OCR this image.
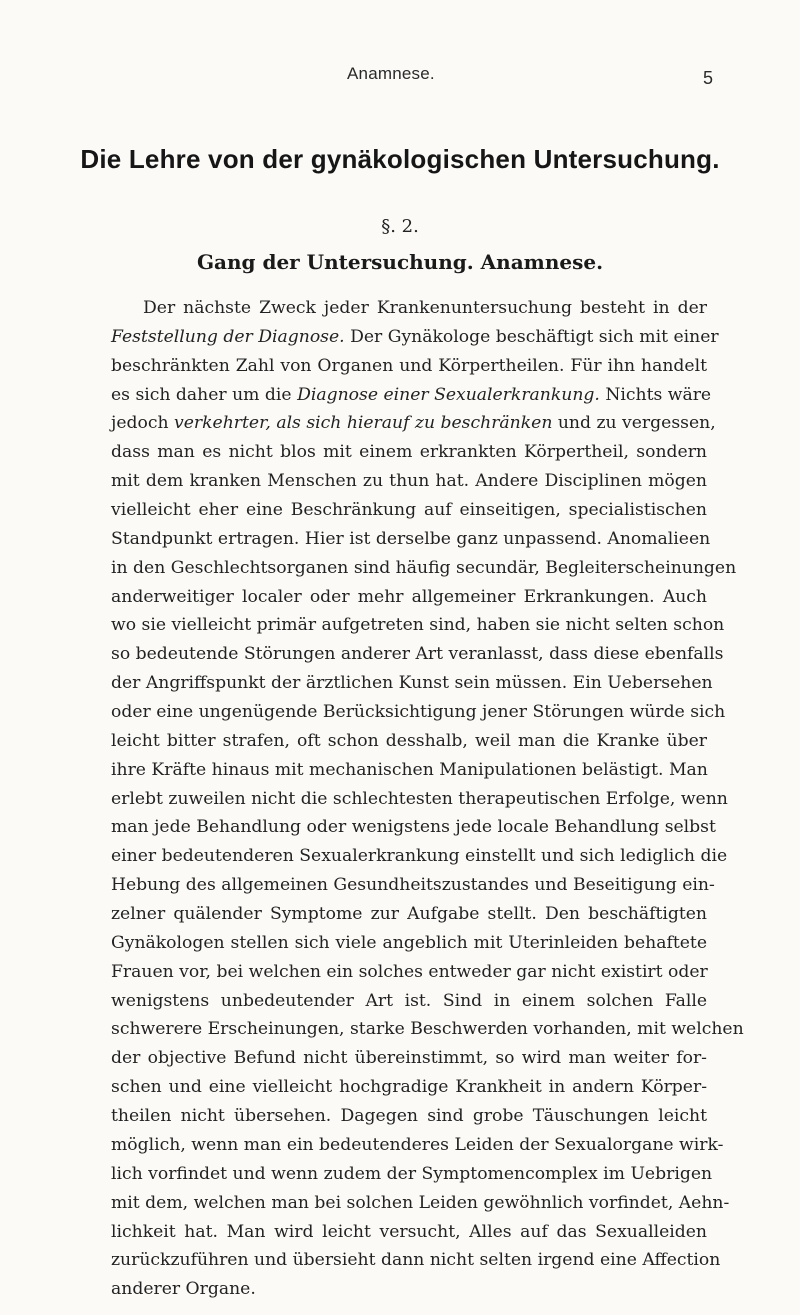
Anamnese.	5
Die Lehre von der gynäkologischen Untersuchung.
§. 2.
Gang der Untersuchung. Anamnese.
Der nächste Zweck jeder Krankenuntersuchung besteht in der
Feststellung der Diagnose. Der Gynäkologe beschäftigt sich mit einer
beschränkten Zahl von Organen und Körpertheilen. Für ihn handelt
es sich daher um die Diagnose einer Sexualerkrankung. Nichts wäre
jedoch verkehrter, als sich hierauf zu beschränken und zu vergessen,
dass man es nicht blos mit einem erkrankten Körpertheil, sondern
mit dem kranken Menschen zu thun hat. Andere Disciplinen mögen
vielleicht eher eine Beschränkung auf einseitigen, specialistischen
Standpunkt ertragen. Hier ist derselbe ganz unpassend. Anomalieen
in den Geschlechtsorganen sind häufig secundär, Begleiterscheinungen
anderweitiger localer oder mehr allgemeiner Erkrankungen. Auch
wo sie vielleicht primär aufgetreten sind, haben sie nicht selten schon
so bedeutende Störungen anderer Art veranlasst, dass diese ebenfalls
der Angriffspunkt der ärztlichen Kunst sein müssen. Ein Uebersehen
oder eine ungenügende Berücksichtigung jener Störungen würde sich
leicht bitter strafen, oft schon desshalb, weil man die Kranke über
ihre Kräfte hinaus mit mechanischen Manipulationen belästigt. Man
erlebt zuweilen nicht die schlechtesten therapeutischen Erfolge, wenn
man jede Behandlung oder wenigstens jede locale Behandlung selbst
einer bedeutenderen Sexualerkrankung einstellt und sich lediglich die
Hebung des allgemeinen Gesundheitszustandes und Beseitigung ein-
zelner quälender Symptome zur Aufgabe stellt. Den beschäftigten
Gynäkologen stellen sich viele angeblich mit Uterinleiden behaftete
Frauen vor, bei welchen ein solches entweder gar nicht existirt oder
wenigstens unbedeutender Art ist. Sind in einem solchen Falle
schwerere Erscheinungen, starke Beschwerden vorhanden, mit welchen
der objective Befund nicht übereinstimmt, so wird man weiter for-
schen und eine vielleicht hochgradige Krankheit in andern Körper-
theilen nicht übersehen. Dagegen sind grobe Täuschungen leicht
möglich, wenn man ein bedeutenderes Leiden der Sexualorgane wirk-
lich vorfindet und wenn zudem der Symptomencomplex im Uebrigen
mit dem, welchen man bei solchen Leiden gewöhnlich vorfindet, Aehn-
lichkeit hat. Man wird leicht versucht, Alles auf das Sexualleiden
zurückzuführen und übersieht dann nicht selten irgend eine Affection
anderer Organe.
